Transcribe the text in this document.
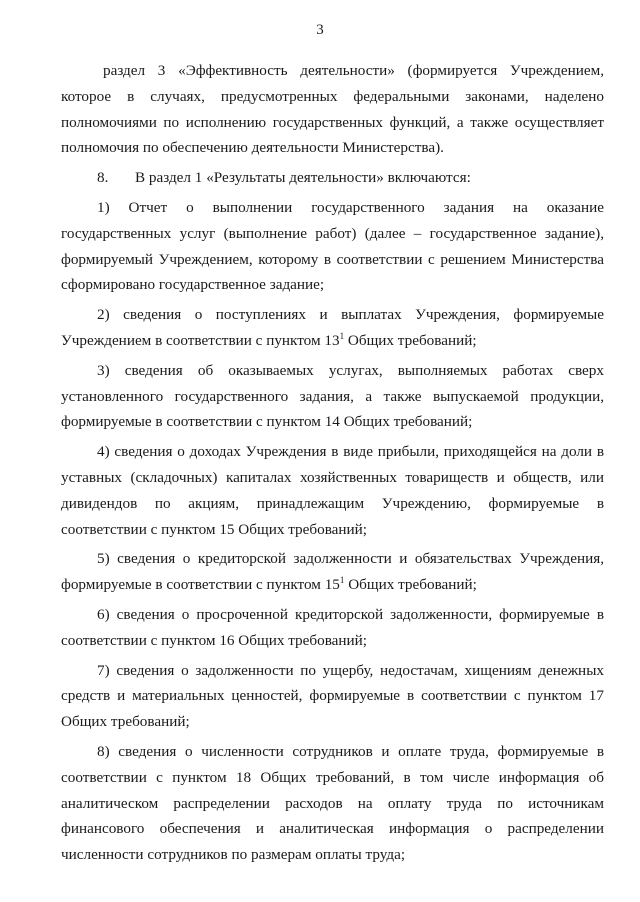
3

раздел 3 «Эффективность деятельности» (формируется Учреждением, которое в случаях, предусмотренных федеральными законами, наделено полномочиями по исполнению государственных функций, а также осуществляет полномочия по обеспечению деятельности Министерства).

8.       В раздел 1 «Результаты деятельности» включаются:

1) Отчет о выполнении государственного задания на оказание государственных услуг (выполнение работ) (далее – государственное задание), формируемый Учреждением, которому в соответствии с решением Министерства сформировано государственное задание;

2) сведения о поступлениях и выплатах Учреждения, формируемые Учреждением в соответствии с пунктом $13^1$ Общих требований;

3) сведения об оказываемых услугах, выполняемых работах сверх установленного государственного задания, а также выпускаемой продукции, формируемые в соответствии с пунктом 14 Общих требований;

4) сведения о доходах Учреждения в виде прибыли, приходящейся на доли в уставных (складочных) капиталах хозяйственных товариществ и обществ, или дивидендов по акциям, принадлежащим Учреждению, формируемые в соответствии с пунктом 15 Общих требований;

5) сведения о кредиторской задолженности и обязательствах Учреждения, формируемые в соответствии с пунктом $15^1$ Общих требований;

6) сведения о просроченной кредиторской задолженности, формируемые в соответствии с пунктом 16 Общих требований;

7) сведения о задолженности по ущербу, недостачам, хищениям денежных средств и материальных ценностей, формируемые в соответствии с пунктом 17 Общих требований;

8) сведения о численности сотрудников и оплате труда, формируемые в соответствии с пунктом 18 Общих требований, в том числе информация об аналитическом распределении расходов на оплату труда по источникам финансового обеспечения и аналитическая информация о распределении численности сотрудников по размерам оплаты труда;
